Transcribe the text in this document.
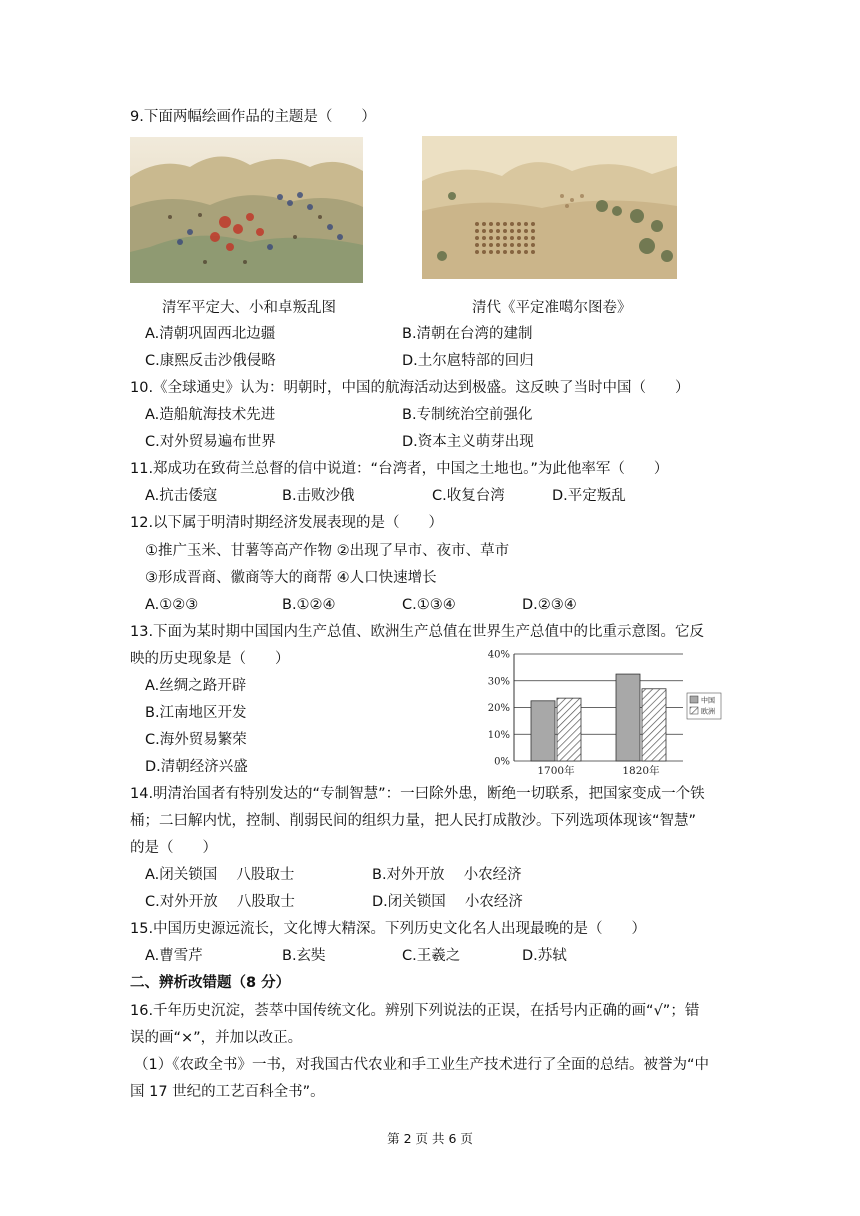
9.下面两幅绘画作品的主题是（　　）
清军平定大、小和卓叛乱图	清代《平定准噶尔图卷》
A.清朝巩固西北边疆	B.清朝在台湾的建制
C.康熙反击沙俄侵略	D.土尔扈特部的回归
10.《全球通史》认为：明朝时，中国的航海活动达到极盛。这反映了当时中国（　　）
A.造船航海技术先进	B.专制统治空前强化
C.对外贸易遍布世界	D.资本主义萌芽出现
11.郑成功在致荷兰总督的信中说道：“台湾者，中国之土地也。”为此他率军（　　）
A.抗击倭寇	B.击败沙俄	C.收复台湾	D.平定叛乱
12.以下属于明清时期经济发展表现的是（　　）
①推广玉米、甘薯等高产作物 ②出现了早市、夜市、草市
③形成晋商、徽商等大的商帮 ④人口快速增长
A.①②③	B.①②④	C.①③④	D.②③④
13.下面为某时期中国国内生产总值、欧洲生产总值在世界生产总值中的比重示意图。它反
映的历史现象是（　　）
A.丝绸之路开辟
B.江南地区开发
C.海外贸易繁荣
D.清朝经济兴盛	0%
10%
20%
30%
40%
1700年	1820年
中国
欧洲
14.明清治国者有特别发达的“专制智慧”：一曰除外患，断绝一切联系，把国家变成一个铁
桶；二曰解内忧，控制、削弱民间的组织力量，把人民打成散沙。下列选项体现该“智慧”
的是（　　）
A.闭关锁国　 八股取士	B.对外开放　 小农经济
C.对外开放　 八股取士	D.闭关锁国　 小农经济
15.中国历史源远流长，文化博大精深。下列历史文化名人出现最晚的是（　　）
A.曹雪芹	B.玄奘	C.王羲之	D.苏轼
二、辨析改错题（8 分）
16.千年历史沉淀，荟萃中国传统文化。辨别下列说法的正误，在括号内正确的画“√”；错
误的画“×”，并加以改正。
（1）《农政全书》一书，对我国古代农业和手工业生产技术进行了全面的总结。被誉为“中
国 17 世纪的工艺百科全书”。
第 2 页 共 6 页
